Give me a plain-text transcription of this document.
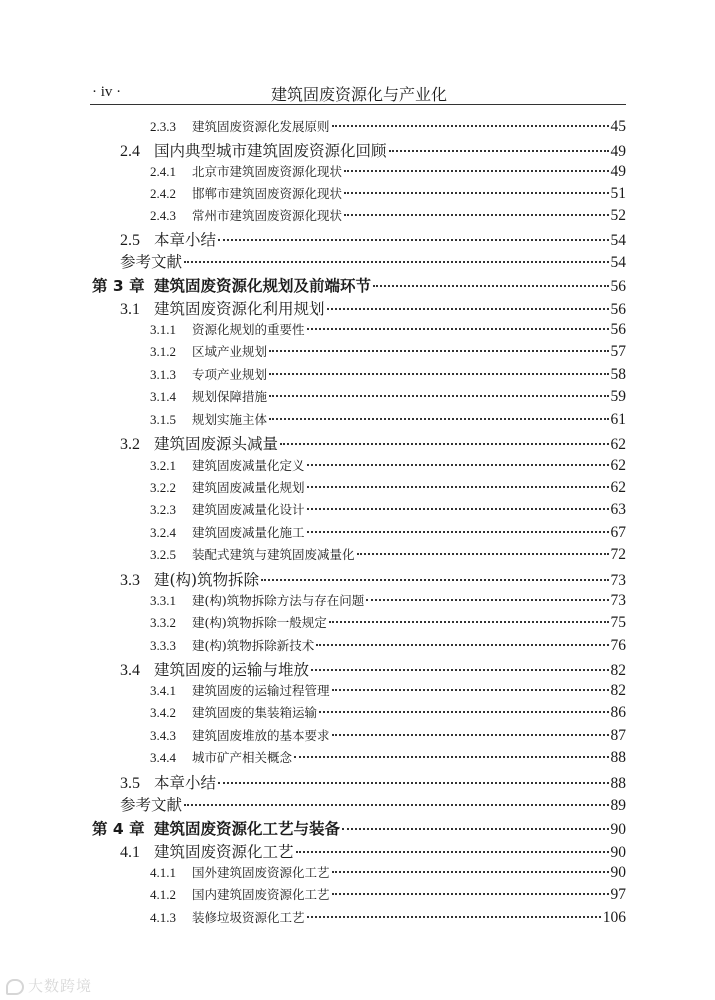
· iv ·	建筑固废资源化与产业化
2.3.3	建筑固废资源化发展原则	45
2.4 国内典型城市建筑固废资源化回顾	49
2.4.1	北京市建筑固废资源化现状	49
2.4.2	邯郸市建筑固废资源化现状	51
2.4.3	常州市建筑固废资源化现状	52
2.5 本章小结	54
参考文献	54
第 3 章 建筑固废资源化规划及前端环节	56
3.1 建筑固废资源化利用规划	56
3.1.1	资源化规划的重要性	56
3.1.2	区域产业规划	57
3.1.3	专项产业规划	58
3.1.4	规划保障措施	59
3.1.5	规划实施主体	61
3.2 建筑固废源头减量	62
3.2.1	建筑固废减量化定义	62
3.2.2	建筑固废减量化规划	62
3.2.3	建筑固废减量化设计	63
3.2.4	建筑固废减量化施工	67
3.2.5	装配式建筑与建筑固废减量化	72
3.3 建(构)筑物拆除	73
3.3.1	建(构)筑物拆除方法与存在问题	73
3.3.2	建(构)筑物拆除一般规定	75
3.3.3	建(构)筑物拆除新技术	76
3.4 建筑固废的运输与堆放	82
3.4.1	建筑固废的运输过程管理	82
3.4.2	建筑固废的集装箱运输	86
3.4.3	建筑固废堆放的基本要求	87
3.4.4	城市矿产相关概念	88
3.5 本章小结	88
参考文献	89
第 4 章 建筑固废资源化工艺与装备	90
4.1 建筑固废资源化工艺	90
4.1.1	国外建筑固废资源化工艺	90
4.1.2	国内建筑固废资源化工艺	97
4.1.3	装修垃圾资源化工艺	106
大数跨境
